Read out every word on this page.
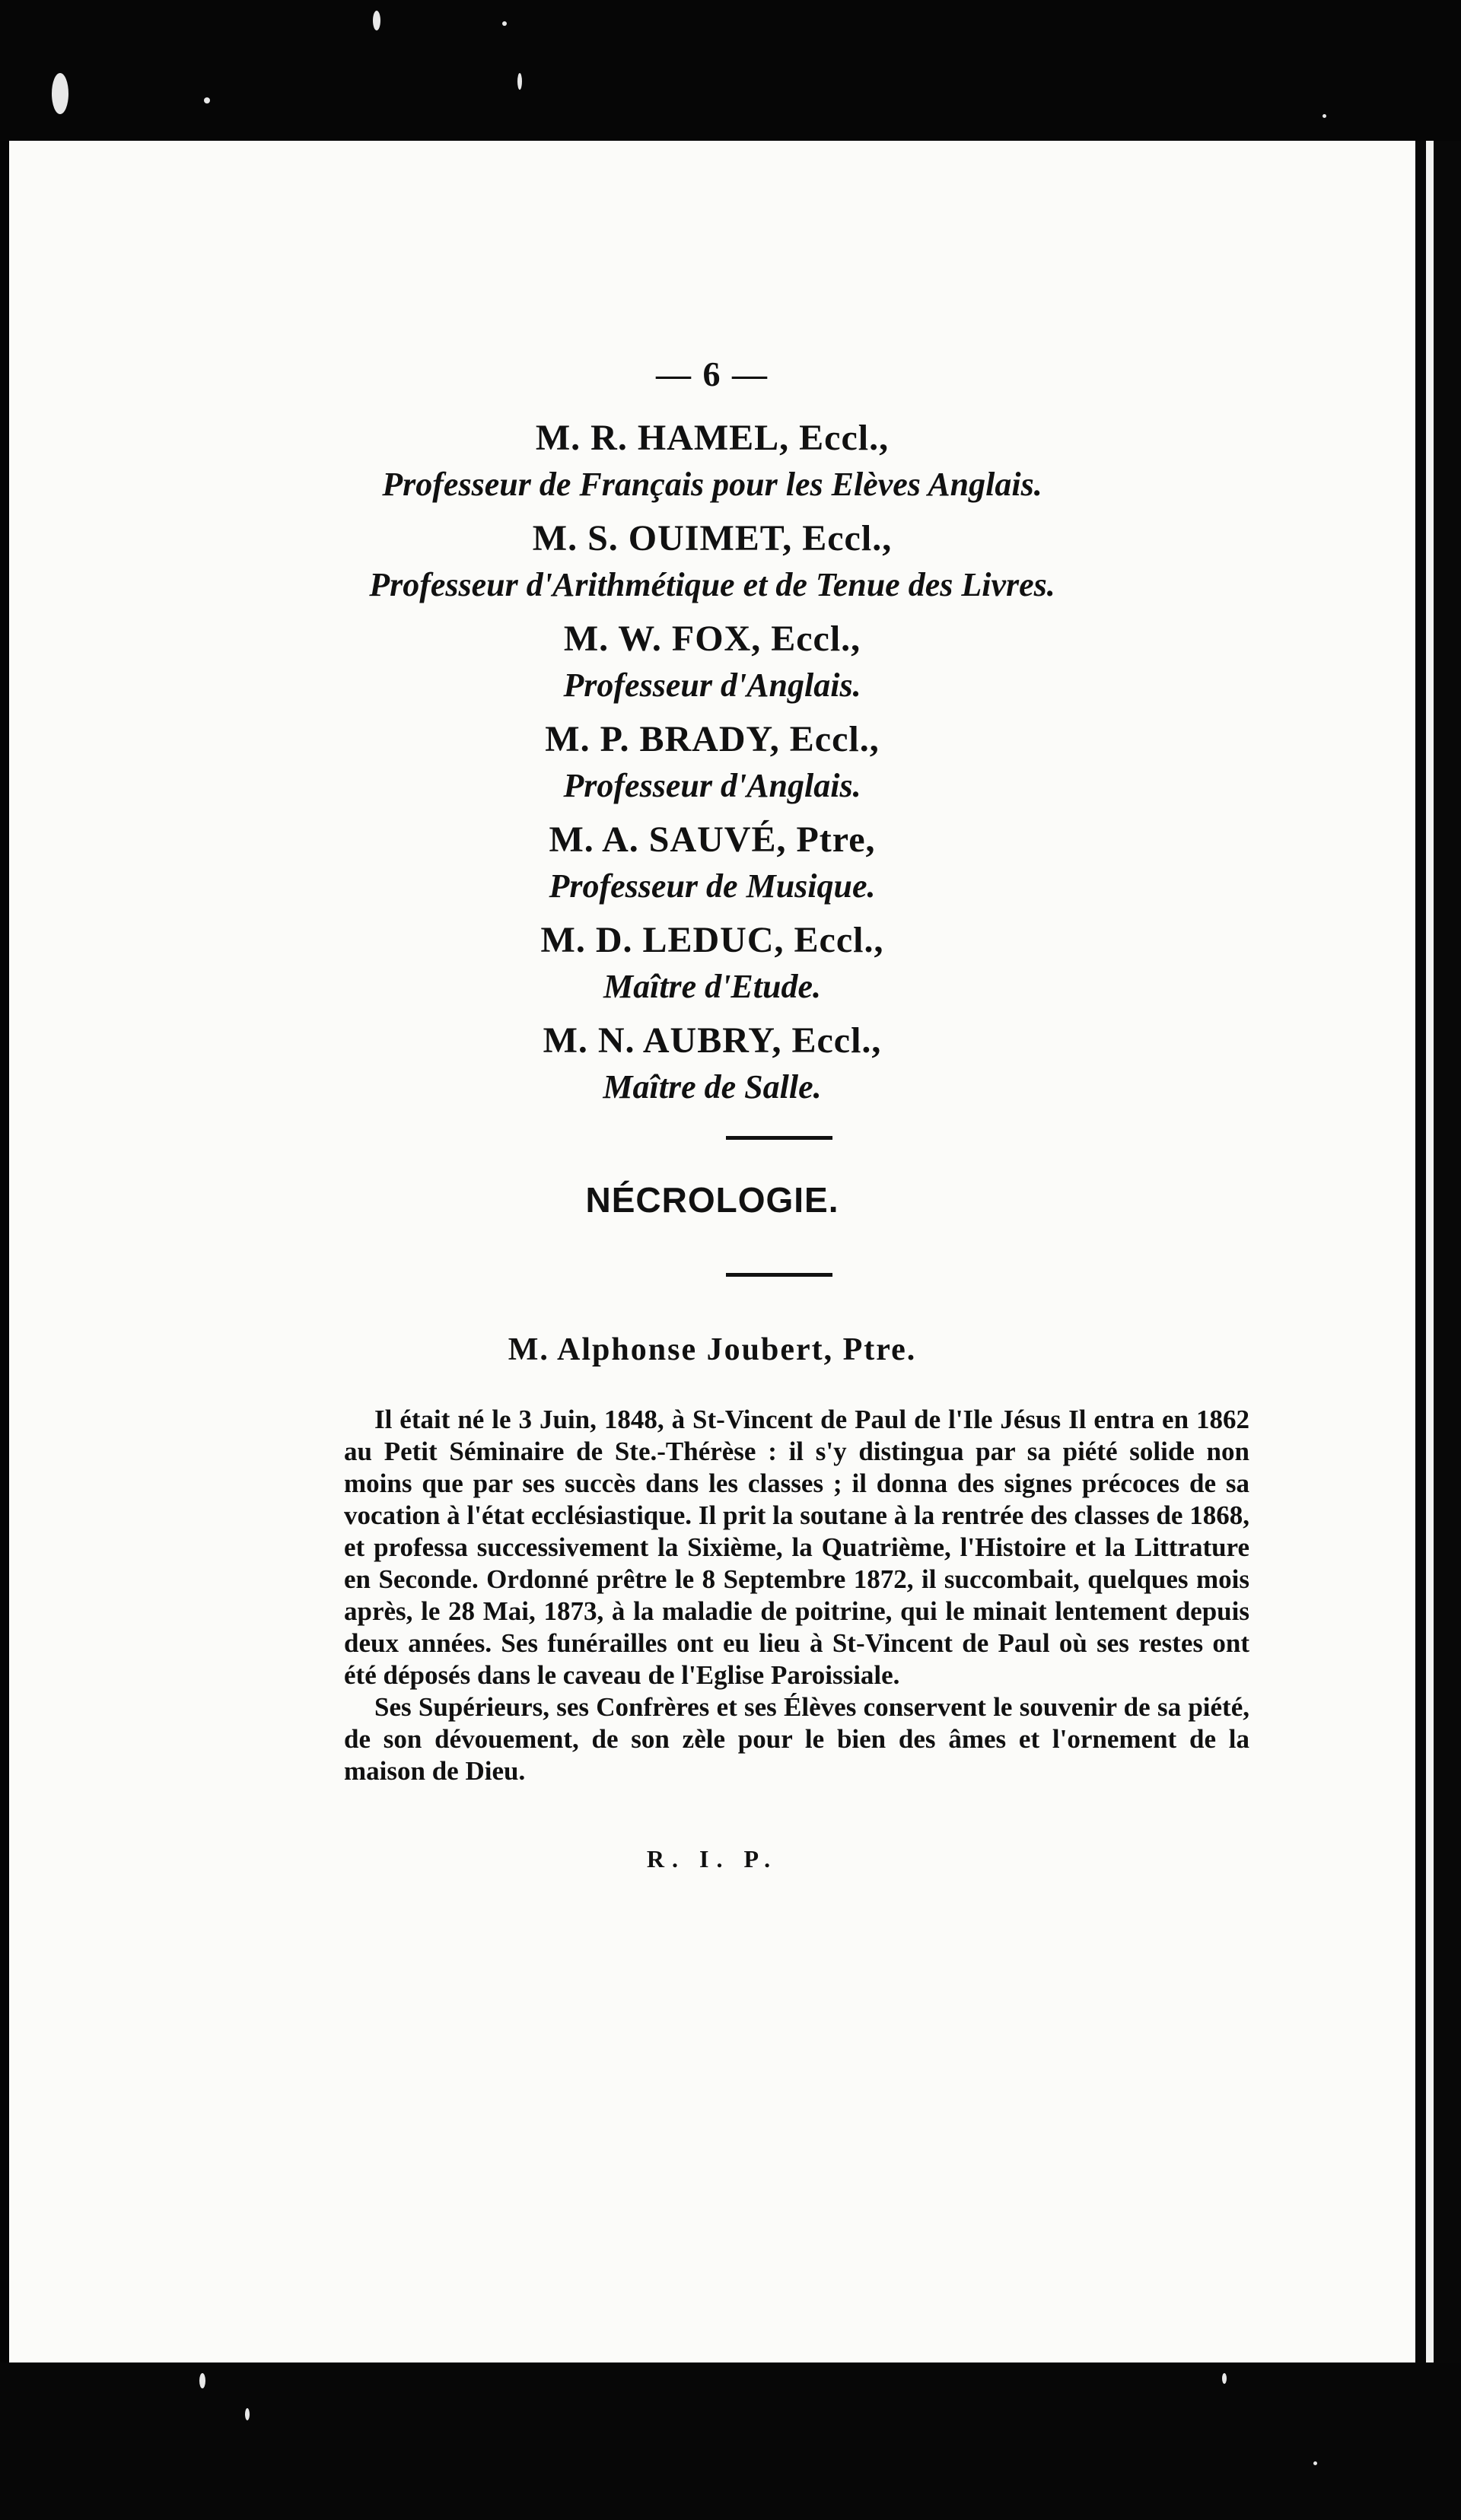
— 6 —
M. R. HAMEL, Eccl.,
Professeur de Français pour les Elèves Anglais.
M. S. OUIMET, Eccl.,
Professeur d'Arithmétique et de Tenue des Livres.
M. W. FOX, Eccl.,
Professeur d'Anglais.
M. P. BRADY, Eccl.,
Professeur d'Anglais.
M. A. SAUVÉ, Ptre,
Professeur de Musique.
M. D. LEDUC, Eccl.,
Maître d'Etude.
M. N. AUBRY, Eccl.,
Maître de Salle.
NÉCROLOGIE.
M. Alphonse Joubert, Ptre.

Il était né le 3 Juin, 1848, à St-Vincent de Paul de l'Ile Jésus Il entra en 1862 au Petit Séminaire de Ste.-Thérèse : il s'y distingua par sa piété solide non moins que par ses succès dans les classes ; il donna des signes précoces de sa vocation à l'état ecclésiastique. Il prit la soutane à la rentrée des classes de 1868, et professa successivement la Sixième, la Quatrième, l'Histoire et la Littrature en Seconde. Ordonné prêtre le 8 Septembre 1872, il succombait, quelques mois après, le 28 Mai, 1873, à la maladie de poitrine, qui le minait lentement depuis deux années. Ses funérailles ont eu lieu à St-Vincent de Paul où ses restes ont été déposés dans le caveau de l'Eglise Paroissiale.

Ses Supérieurs, ses Confrères et ses Élèves conservent le souvenir de sa piété, de son dévouement, de son zèle pour le bien des âmes et l'ornement de la maison de Dieu.

R. I. P.
